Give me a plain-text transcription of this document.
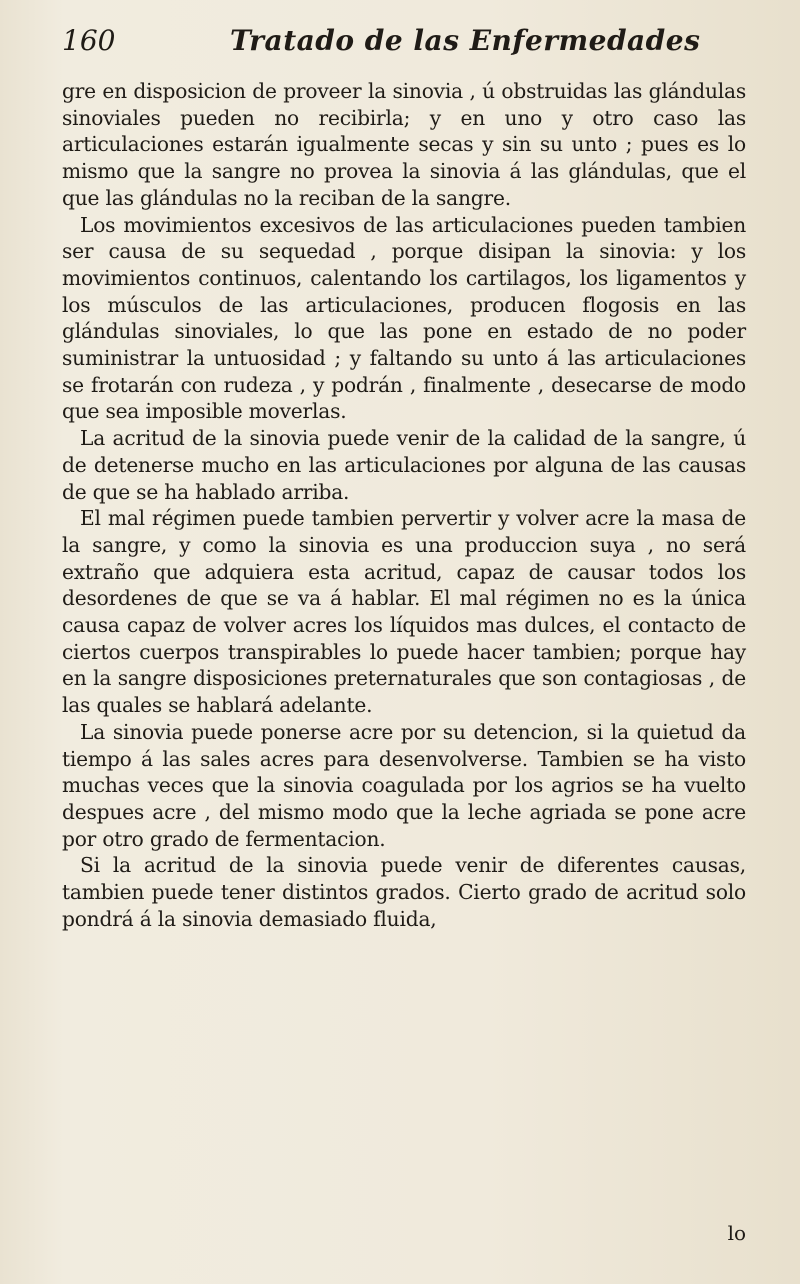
160	Tratado de las Enfermedades

gre en disposicion de proveer la sinovia , ú obstruidas las glándulas sinoviales pueden no recibirla; y en uno y otro caso las articulaciones estarán igualmente secas y sin su unto ; pues es lo mismo que la sangre no provea la sinovia á las glándulas, que el que las glándulas no la reciban de la sangre.

Los movimientos excesivos de las articulaciones pueden tambien ser causa de su sequedad , porque disipan la sinovia: y los movimientos continuos, calentando los cartilagos, los ligamentos y los músculos de las articulaciones, producen flogosis en las glándulas sinoviales, lo que las pone en estado de no poder suministrar la untuosidad ; y faltando su unto á las articulaciones se frotarán con rudeza , y podrán , finalmente , desecarse de modo que sea imposible moverlas.

La acritud de la sinovia puede venir de la calidad de la sangre, ú de detenerse mucho en las articulaciones por alguna de las causas de que se ha hablado arriba.

El mal régimen puede tambien pervertir y volver acre la masa de la sangre, y como la sinovia es una produccion suya , no será extraño que adquiera esta acritud, capaz de causar todos los desordenes de que se va á hablar. El mal régimen no es la única causa capaz de volver acres los líquidos mas dulces, el contacto de ciertos cuerpos transpirables lo puede hacer tambien; porque hay en la sangre disposiciones preternaturales que son contagiosas , de las quales se hablará adelante.

La sinovia puede ponerse acre por su detencion, si la quietud da tiempo á las sales acres para desenvolverse. Tambien se ha visto muchas veces que la sinovia coagulada por los agrios se ha vuelto despues acre , del mismo modo que la leche agriada se pone acre por otro grado de fermentacion.

Si la acritud de la sinovia puede venir de diferentes causas, tambien puede tener distintos grados. Cierto grado de acritud solo pondrá á la sinovia demasiado fluida,

lo
